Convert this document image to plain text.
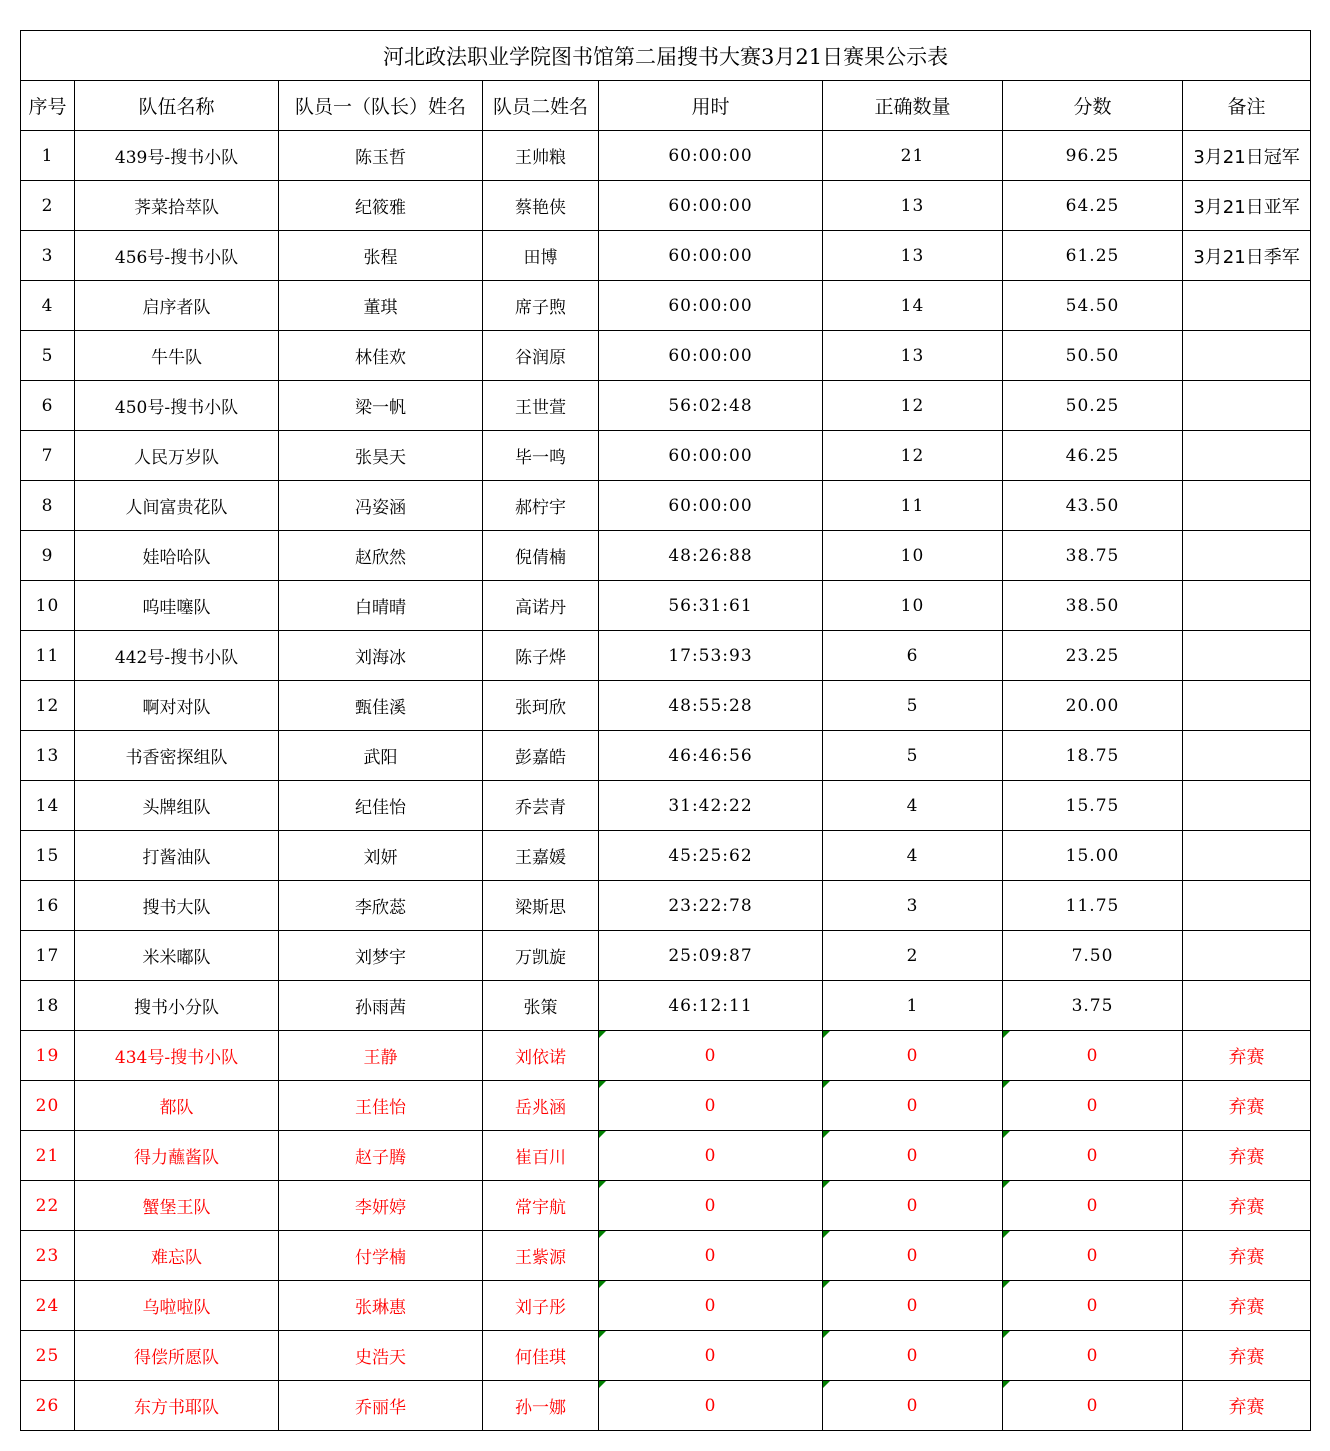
河北政法职业学院图书馆第二届搜书大赛3月21日赛果公示表							
序号	队伍名称	队员一（队长）姓名	队员二姓名	用时	正确数量	分数	备注
1	439号-搜书小队	陈玉哲	王帅粮	60:00:00	21	96.25	3月21日冠军
2	荠菜拾萃队	纪筱雅	蔡艳侠	60:00:00	13	64.25	3月21日亚军
3	456号-搜书小队	张程	田博	60:00:00	13	61.25	3月21日季军
4	启序者队	董琪	席子煦	60:00:00	14	54.50	
5	牛牛队	林佳欢	谷润原	60:00:00	13	50.50	
6	450号-搜书小队	梁一帆	王世萱	56:02:48	12	50.25	
7	人民万岁队	张昊天	毕一鸣	60:00:00	12	46.25	
8	人间富贵花队	冯姿涵	郝柠宇	60:00:00	11	43.50	
9	娃哈哈队	赵欣然	倪倩楠	48:26:88	10	38.75	
10	呜哇噻队	白晴晴	高诺丹	56:31:61	10	38.50	
11	442号-搜书小队	刘海冰	陈子烨	17:53:93	6	23.25	
12	啊对对队	甄佳溪	张珂欣	48:55:28	5	20.00	
13	书香密探组队	武阳	彭嘉皓	46:46:56	5	18.75	
14	头牌组队	纪佳怡	乔芸青	31:42:22	4	15.75	
15	打酱油队	刘妍	王嘉媛	45:25:62	4	15.00	
16	搜书大队	李欣蕊	梁斯思	23:22:78	3	11.75	
17	米米嘟队	刘梦宇	万凯旋	25:09:87	2	7.50	
18	搜书小分队	孙雨茜	张策	46:12:11	1	3.75	
19	434号-搜书小队	王静	刘依诺	0	0	0	弃赛
20	都队	王佳怡	岳兆涵	0	0	0	弃赛
21	得力蘸酱队	赵子腾	崔百川	0	0	0	弃赛
22	蟹堡王队	李妍婷	常宇航	0	0	0	弃赛
23	难忘队	付学楠	王紫源	0	0	0	弃赛
24	乌啦啦队	张琳惠	刘子彤	0	0	0	弃赛
25	得偿所愿队	史浩天	何佳琪	0	0	0	弃赛
26	东方书耶队	乔丽华	孙一娜	0	0	0	弃赛
